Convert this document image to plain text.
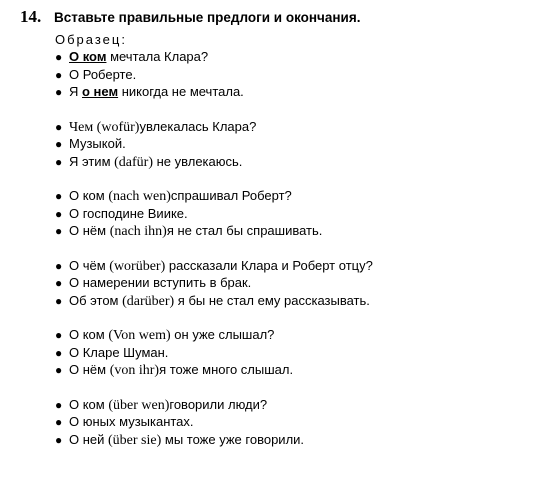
14. Вставьте правильные предлоги и окончания.
Образец:
● О ком мечтала Клара?
● О Роберте.
● Я о нем никогда не мечтала.
● Чем (wofür)увлекалась Клара?
● Музыкой.
● Я этим (dafür) не увлекаюсь.
● О ком (nach wen)спрашивал Роберт?
● О господине Виике.
● О нём (nach ihn)я не стал бы спрашивать.
● О чём (worüber) рассказали Клара и Роберт отцу?
● О намерении вступить в брак.
● Об этом (darüber) я бы не стал ему рассказывать.
● О ком (Von wem) он уже слышал?
● О Кларе Шуман.
● О нём (von ihr)я тоже много слышал.
● О ком (über wen)говорили люди?
● О юных музыкантах.
● О ней (über sie) мы тоже уже говорили.
